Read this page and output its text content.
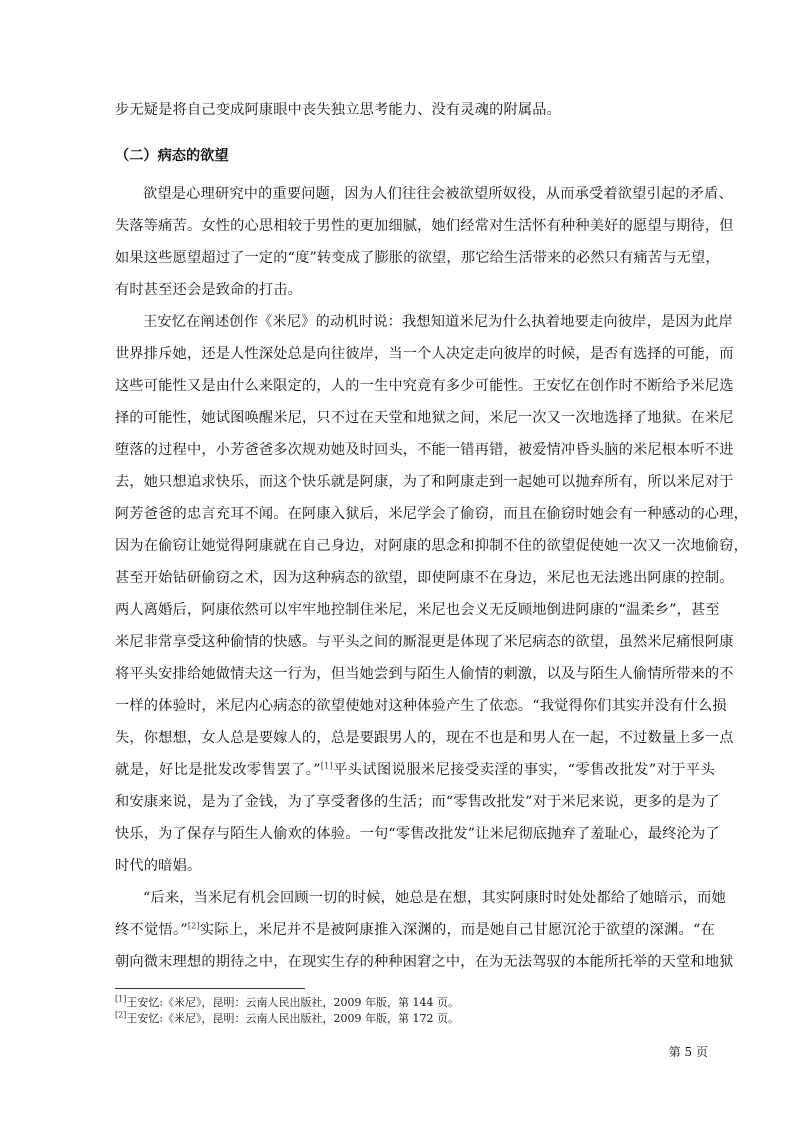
步无疑是将自己变成阿康眼中丧失独立思考能力、没有灵魂的附属品。
（二）病态的欲望
欲望是心理研究中的重要问题，因为人们往往会被欲望所奴役，从而承受着欲望引起的矛盾、
失落等痛苦。女性的心思相较于男性的更加细腻，她们经常对生活怀有种种美好的愿望与期待，但
如果这些愿望超过了一定的“度”转变成了膨胀的欲望，那它给生活带来的必然只有痛苦与无望，
有时甚至还会是致命的打击。
王安忆在阐述创作《米尼》的动机时说：我想知道米尼为什么执着地要走向彼岸，是因为此岸
世界排斥她，还是人性深处总是向往彼岸，当一个人决定走向彼岸的时候，是否有选择的可能，而
这些可能性又是由什么来限定的，人的一生中究竟有多少可能性。王安忆在创作时不断给予米尼选
择的可能性，她试图唤醒米尼，只不过在天堂和地狱之间，米尼一次又一次地选择了地狱。在米尼
堕落的过程中，小芳爸爸多次规劝她及时回头，不能一错再错，被爱情冲昏头脑的米尼根本听不进
去，她只想追求快乐，而这个快乐就是阿康，为了和阿康走到一起她可以抛弃所有，所以米尼对于
阿芳爸爸的忠言充耳不闻。在阿康入狱后，米尼学会了偷窃，而且在偷窃时她会有一种感动的心理，
因为在偷窃让她觉得阿康就在自己身边，对阿康的思念和抑制不住的欲望促使她一次又一次地偷窃，
甚至开始钻研偷窃之术，因为这种病态的欲望，即使阿康不在身边，米尼也无法逃出阿康的控制。
两人离婚后，阿康依然可以牢牢地控制住米尼，米尼也会义无反顾地倒进阿康的“温柔乡”，甚至
米尼非常享受这种偷情的快感。与平头之间的厮混更是体现了米尼病态的欲望，虽然米尼痛恨阿康
将平头安排给她做情夫这一行为，但当她尝到与陌生人偷情的刺激，以及与陌生人偷情所带来的不
一样的体验时，米尼内心病态的欲望使她对这种体验产生了依恋。“我觉得你们其实并没有什么损
失，你想想，女人总是要嫁人的，总是要跟男人的，现在不也是和男人在一起，不过数量上多一点
就是，好比是批发改零售罢了。”[1]平头试图说服米尼接受卖淫的事实，“零售改批发”对于平头
和安康来说，是为了金钱，为了享受奢侈的生活；而“零售改批发”对于米尼来说，更多的是为了
快乐，为了保存与陌生人偷欢的体验。一句“零售改批发”让米尼彻底抛弃了羞耻心，最终沦为了
时代的暗娼。
“后来，当米尼有机会回顾一切的时候，她总是在想，其实阿康时时处处都给了她暗示，而她
终不觉悟。”[2]实际上，米尼并不是被阿康推入深渊的，而是她自己甘愿沉沦于欲望的深渊。“在
朝向微末理想的期待之中，在现实生存的种种困窘之中，在为无法驾驭的本能所托举的天堂和地狱
[1]王安忆:《米尼》，昆明：云南人民出版社，2009 年版，第 144 页。
[2]王安忆:《米尼》，昆明：云南人民出版社，2009 年版，第 172 页。
第 5 页
